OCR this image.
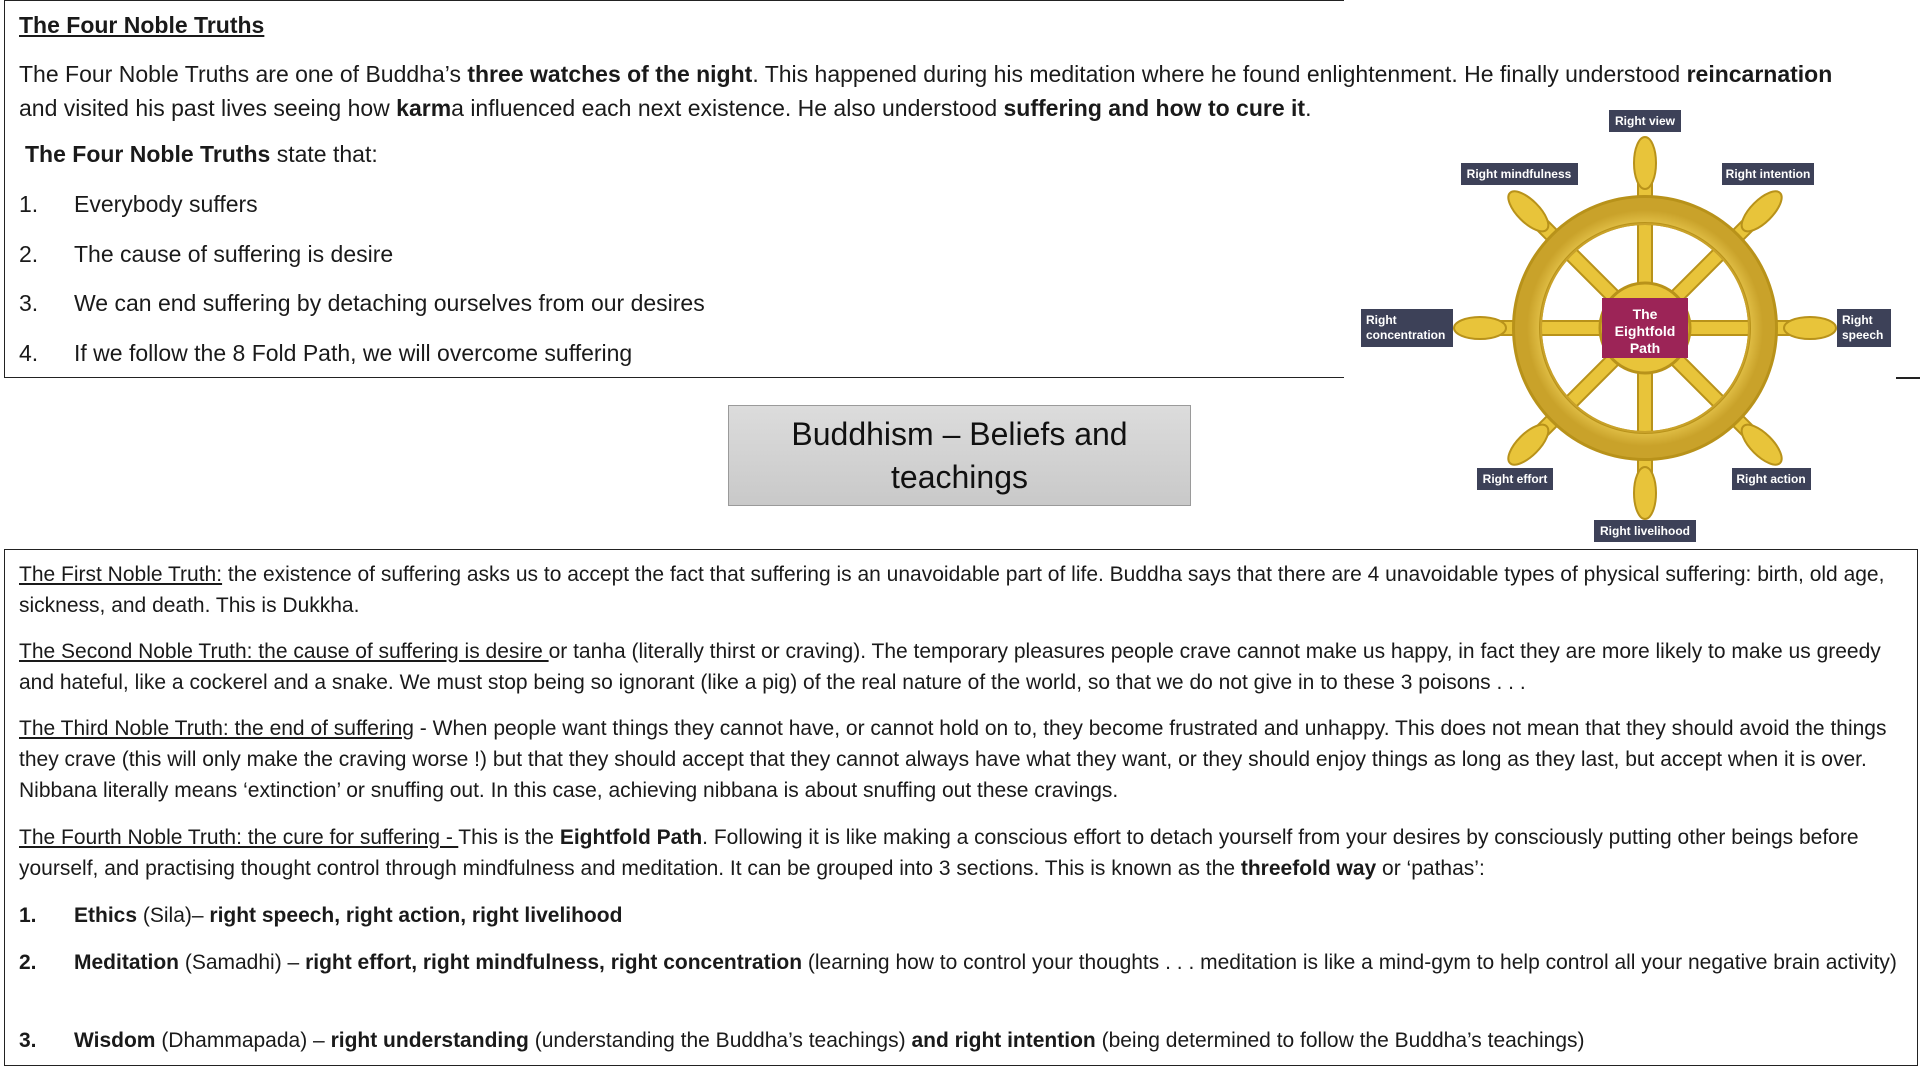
The Four Noble Truths

The Four Noble Truths are one of Buddha’s three watches of the night. This happened during his meditation where he found enlightenment. He finally understood reincarnation
and visited his past lives seeing how karma influenced each next existence. He also understood suffering and how to cure it.

The Four Noble Truths state that:

1.	Everybody suffers
2.	The cause of suffering is desire
3.	We can end suffering by detaching ourselves from our desires
4.	If we follow the 8 Fold Path, we will overcome suffering
Buddhism – Beliefs and teachings
The
Eightfold
Path
Right view
Right intention
Right
speech
Right action
Right livelihood
Right effort
Right
concentration
Right mindfulness

The First Noble Truth: the existence of suffering asks us to accept the fact that suffering is an unavoidable part of life. Buddha says that there are 4 unavoidable types of physical suffering: birth, old age, sickness, and death. This is Dukkha.

The Second Noble Truth: the cause of suffering is desire or tanha (literally thirst or craving). The temporary pleasures people crave cannot make us happy, in fact they are more likely to make us greedy and hateful, like a cockerel and a snake. We must stop being so ignorant (like a pig) of the real nature of the world, so that we do not give in to these 3 poisons . . .

The Third Noble Truth: the end of suffering - When people want things they cannot have, or cannot hold on to, they become frustrated and unhappy. This does not mean that they should avoid the things they crave (this will only make the craving worse !) but that they should accept that they cannot always have what they want, or they should enjoy things as long as they last, but accept when it is over. Nibbana literally means ‘extinction’ or snuffing out. In this case, achieving nibbana is about snuffing out these cravings.

The Fourth Noble Truth: the cure for suffering - This is the Eightfold Path. Following it is like making a conscious effort to detach yourself from your desires by consciously putting other beings before yourself, and practising thought control through mindfulness and meditation. It can be grouped into 3 sections. This is known as the threefold way or ‘pathas’:

1.	Ethics (Sila)– right speech, right action, right livelihood
2.	Meditation (Samadhi) – right effort, right mindfulness, right concentration (learning how to control your thoughts . . . meditation is like a mind-gym to help control all your negative brain activity)
3.	Wisdom (Dhammapada) – right understanding (understanding the Buddha’s teachings) and right intention (being determined to follow the Buddha’s teachings)
